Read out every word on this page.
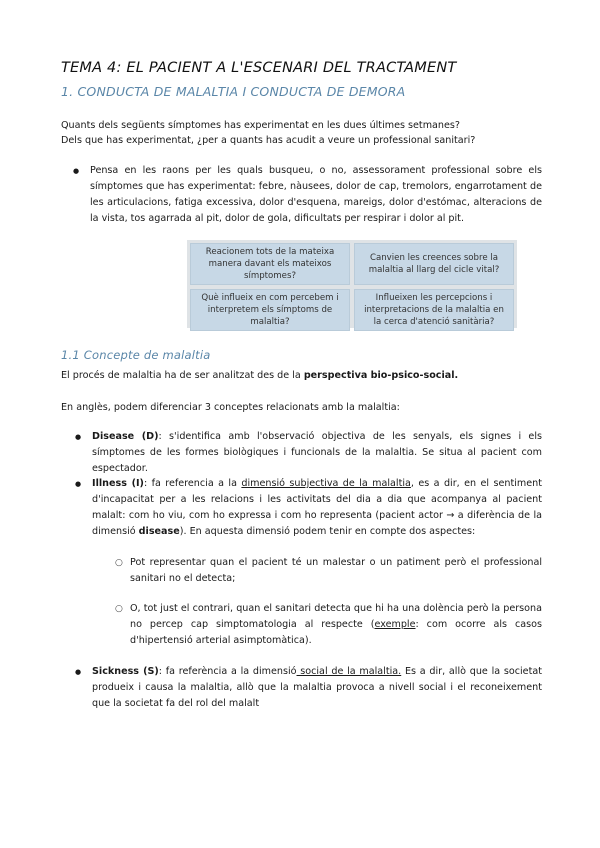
TEMA 4: EL PACIENT A L'ESCENARI DEL TRACTAMENT
1. CONDUCTA DE MALALTIA I CONDUCTA DE DEMORA
Quants dels següents símptomes has experimentat en les dues últimes setmanes?
Dels que has experimentat, ¿per a quants has acudit a veure un professional sanitari?
● Pensa en les raons per les quals busqueu, o no, assessorament professional sobre els símptomes que has experimentat: febre, nàusees, dolor de cap, tremolors, engarrotament de les articulacions, fatiga excessiva, dolor d'esquena, mareigs, dolor d'estómac, alteracions de la vista, tos agarrada al pit, dolor de gola, dificultats per respirar i dolor al pit.
Reacionem tots de la mateixa manera davant els mateixos símptomes?
Canvien les creences sobre la malaltia al llarg del cicle vital?
Què influeix en com percebem i interpretem els símptoms de malaltia?
Influeixen les percepcions i interpretacions de la malaltia en la cerca d'atenció sanitària?
1.1 Concepte de malaltia
El procés de malaltia ha de ser analitzat des de la perspectiva bio-psico-social.
En anglès, podem diferenciar 3 conceptes relacionats amb la malaltia:
● Disease (D): s'identifica amb l'observació objectiva de les senyals, els signes i els símptomes de les formes biològiques i funcionals de la malaltia. Se situa al pacient com espectador.
● Illness (I): fa referencia a la dimensió subjectiva de la malaltia, es a dir, en el sentiment d'incapacitat per a les relacions i les activitats del dia a dia que acompanya al pacient malalt: com ho viu, com ho expressa i com ho representa (pacient actor → a diferència de la dimensió disease). En aquesta dimensió podem tenir en compte dos aspectes:
○ Pot representar quan el pacient té un malestar o un patiment però el professional sanitari no el detecta;
○ O, tot just el contrari, quan el sanitari detecta que hi ha una dolència però la persona no percep cap simptomatologia al respecte (exemple: com ocorre als casos d'hipertensió arterial asimptomàtica).
● Sickness (S): fa referència a la dimensió social de la malaltia. Es a dir, allò que la societat produeix i causa la malaltia, allò que la malaltia provoca a nivell social i el reconeixement que la societat fa del rol del malalt
